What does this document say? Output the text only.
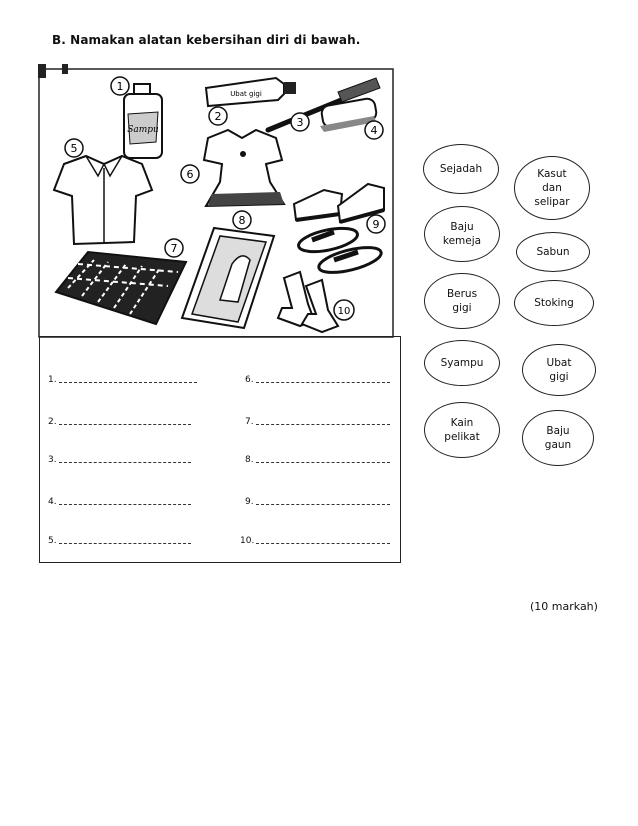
B. Namakan alatan kebersihan diri di bawah.
Sampu
Ubat gigi
1
2	3
4
5
6
7
8	9
10
1.
2.
3.
4.
5.
6.
7.
8.
9.
10.
Sejadah	Kasut
dan
selipar
Baju
kemeja
Sabun
Berus
gigi	Stoking
Syampu	Ubat
gigi
Kain
pelikat	Baju
gaun
(10 markah)
